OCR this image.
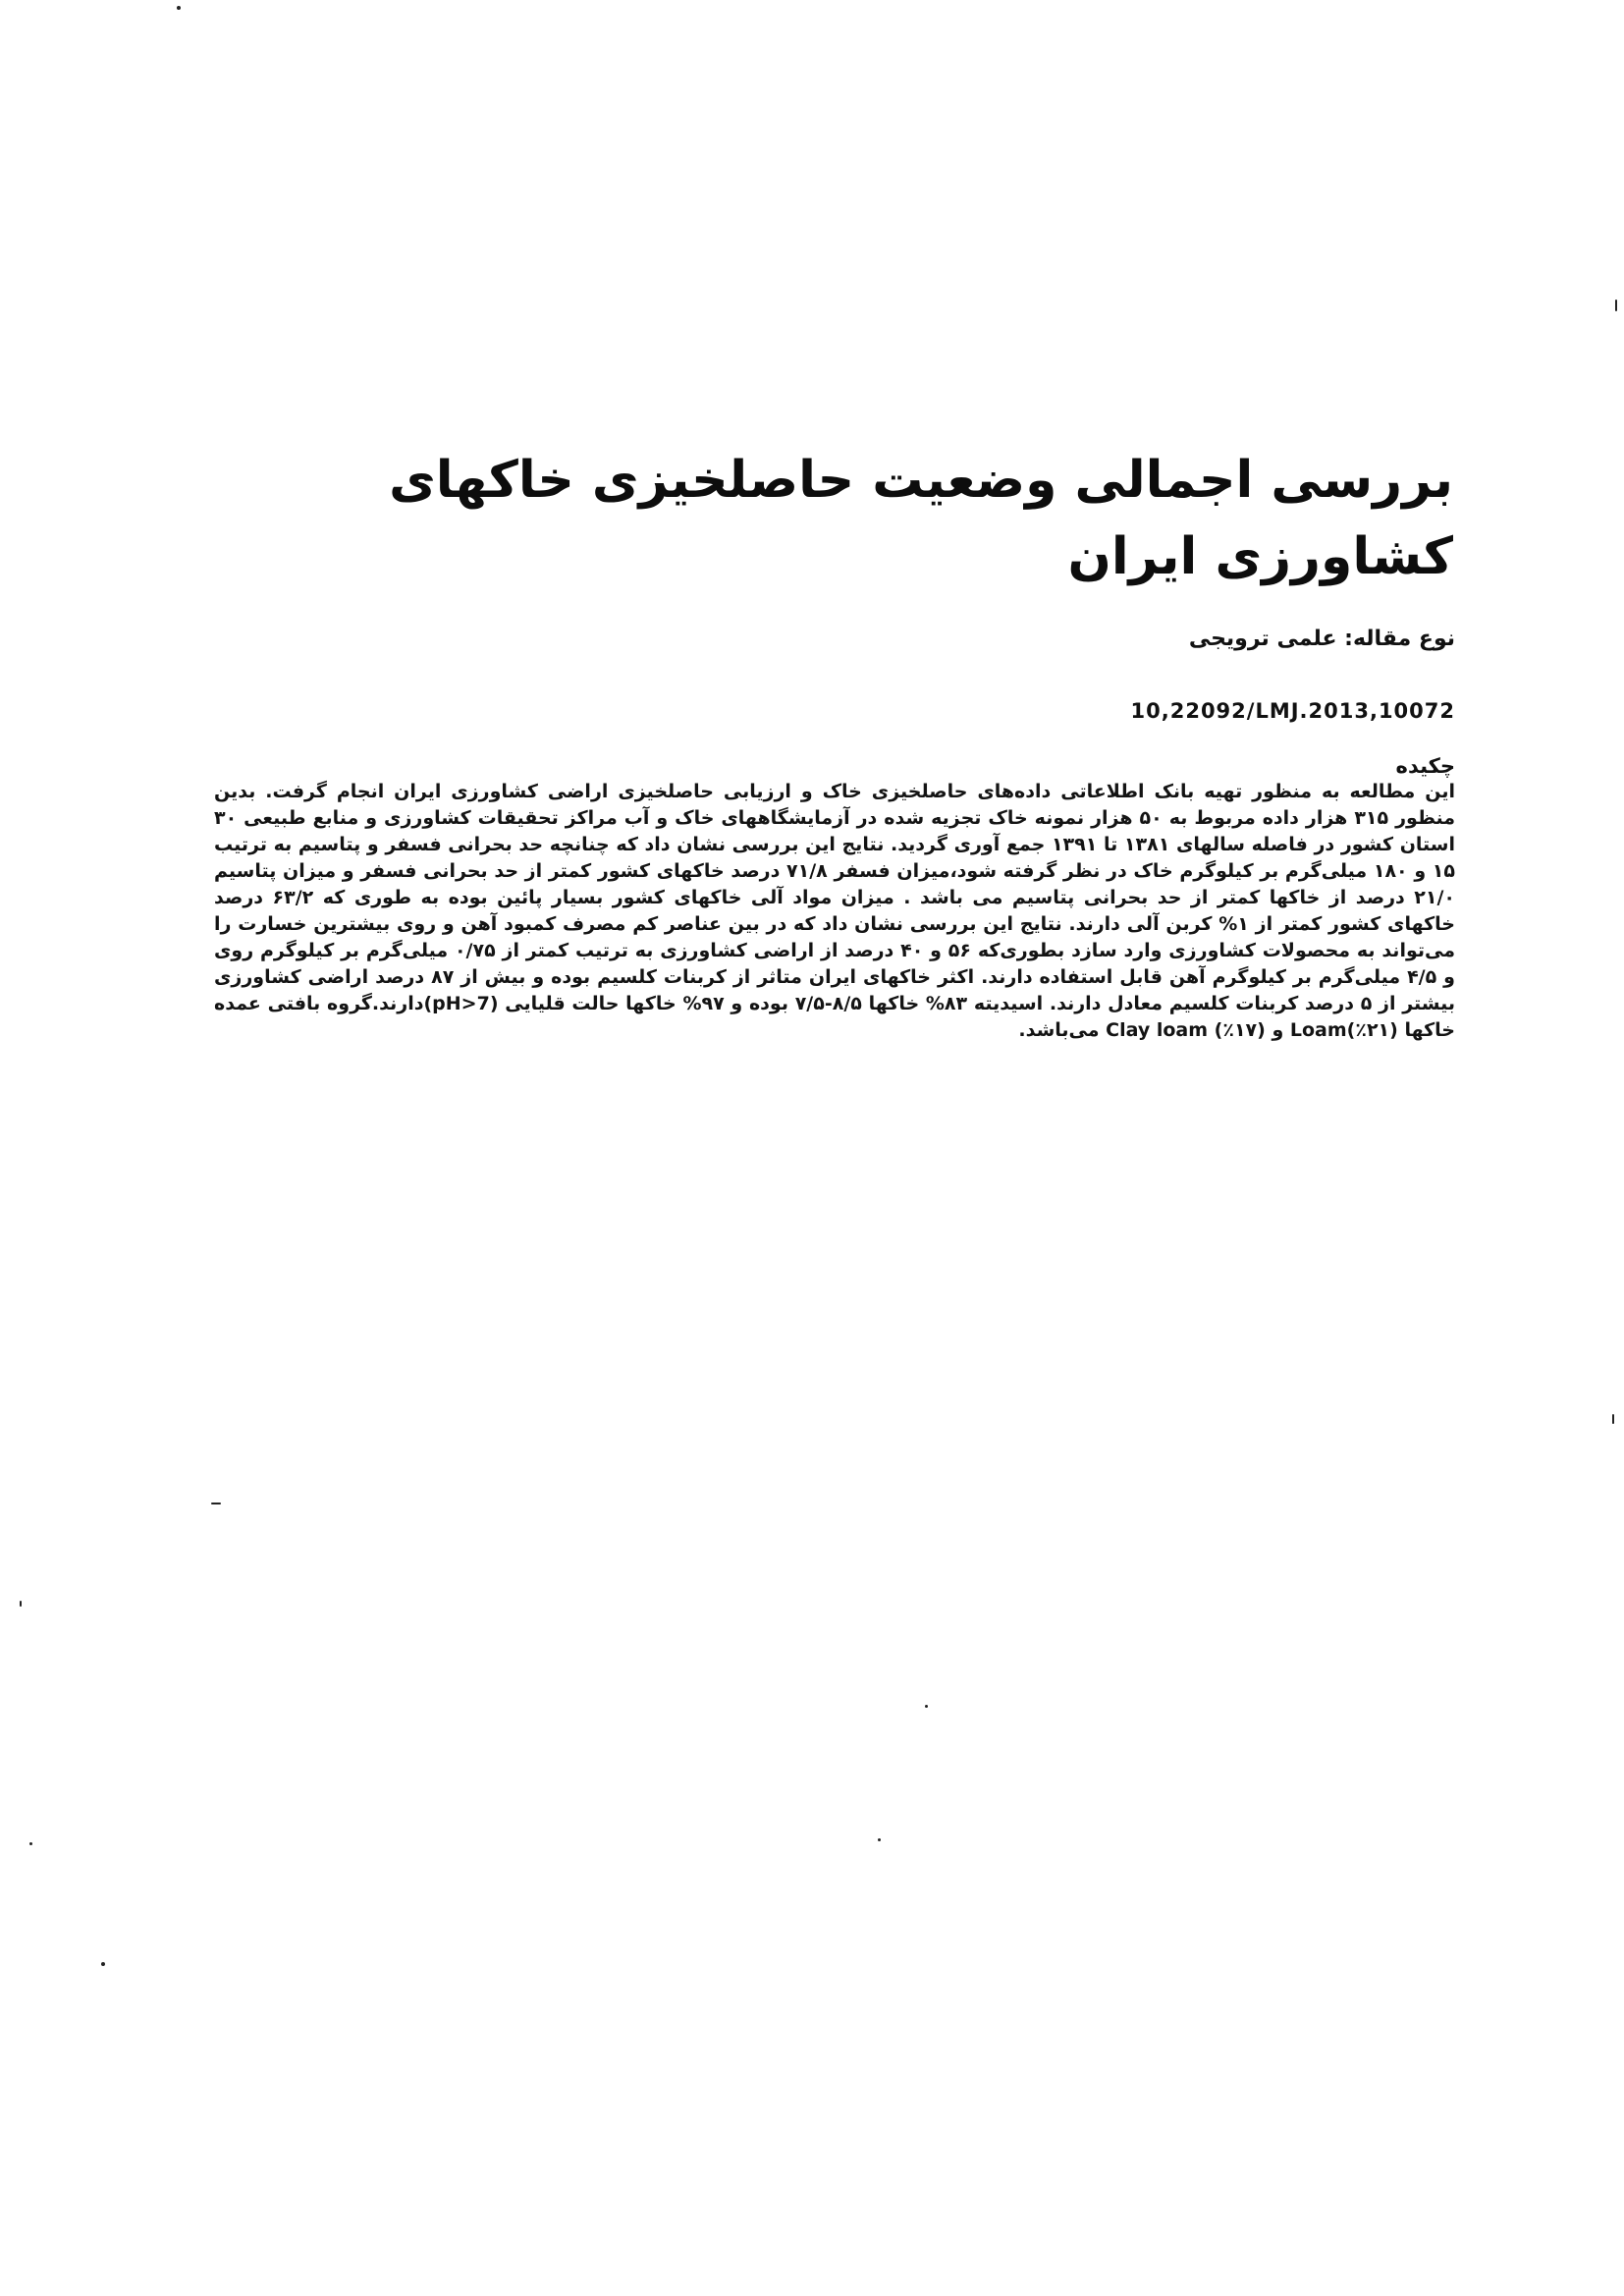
بررسی اجمالی وضعیت حاصلخیزی خاکهای کشاورزی ایران

نوع مقاله: علمی ترویجی

10,22092/LMJ.2013,10072

چکیده

این مطالعه به منظور تهیه بانک اطلاعاتی داده‌های حاصلخیزی خاک و ارزیابی حاصلخیزی اراضی کشاورزی ایران انجام گرفت. بدین منظور ۳۱۵ هزار داده مربوط به ۵۰ هزار نمونه خاک تجزیه شده در آزمایشگاههای خاک و آب مراکز تحقیقات کشاورزی و منابع طبیعی ۳۰ استان کشور در فاصله سالهای ۱۳۸۱ تا ۱۳۹۱ جمع آوری گردید. نتایج این بررسی نشان داد که چنانچه حد بحرانی فسفر و پتاسیم به ترتیب ۱۵ و ۱۸۰ میلی‌گرم بر کیلوگرم خاک در نظر گرفته شود،میزان فسفر ۷۱/۸ درصد خاکهای کشور کمتر از حد بحرانی فسفر و میزان پتاسیم ۲۱/۰ درصد از خاکها کمتر از حد بحرانی پتاسیم می باشد . میزان مواد آلی خاکهای کشور بسیار پائین بوده به طوری که ۶۳/۲ درصد خاکهای کشور کمتر از ۱% کربن آلی دارند. نتایج این بررسی نشان داد که در بین عناصر کم مصرف کمبود آهن و روی بیشترین خسارت را می‌تواند به محصولات کشاورزی وارد سازد بطوری‌که ۵۶ و ۴۰ درصد از اراضی کشاورزی به ترتیب کمتر از ۰/۷۵ میلی‌گرم بر کیلوگرم روی و ۴/۵ میلی‌گرم بر کیلوگرم آهن قابل استفاده دارند. اکثر خاکهای ایران متاثر از کربنات کلسیم بوده و بیش از ۸۷ درصد اراضی کشاورزی بیشتر از ۵ درصد کربنات کلسیم معادل دارند. اسیدیته ۸۳% خاکها ۸/۵-۷/۵ بوده و ۹۷% خاکها حالت قلیایی (pH>7)دارند.گروه بافتی عمده خاکها (۲۱٪)Loam و (۱۷٪) Clay loam می‌باشد.
